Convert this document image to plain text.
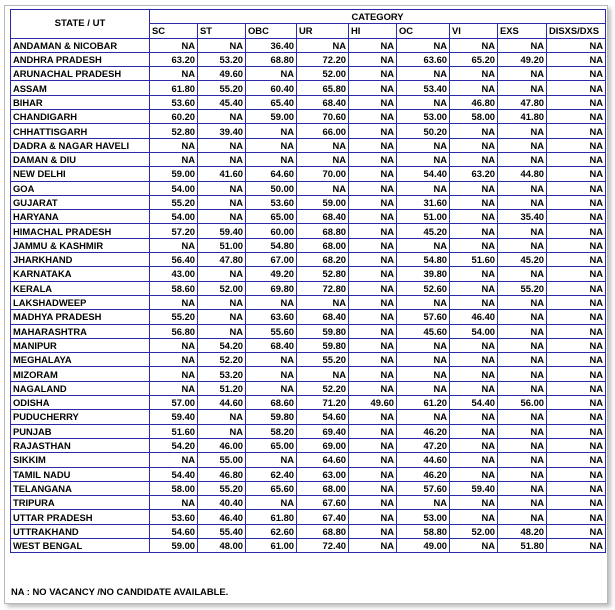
STATE / UT	CATEGORY								
	SC	ST	OBC	UR	HI	OC	VI	EXS	DISXS/DXS
ANDAMAN & NICOBAR	NA	NA	36.40	NA	NA	NA	NA	NA	NA
ANDHRA PRADESH	63.20	53.20	68.80	72.20	NA	63.60	65.20	49.20	NA
ARUNACHAL PRADESH	NA	49.60	NA	52.00	NA	NA	NA	NA	NA
ASSAM	61.80	55.20	60.40	65.80	NA	53.40	NA	NA	NA
BIHAR	53.60	45.40	65.40	68.40	NA	NA	46.80	47.80	NA
CHANDIGARH	60.20	NA	59.00	70.60	NA	53.00	58.00	41.80	NA
CHHATTISGARH	52.80	39.40	NA	66.00	NA	50.20	NA	NA	NA
DADRA & NAGAR HAVELI	NA	NA	NA	NA	NA	NA	NA	NA	NA
DAMAN & DIU	NA	NA	NA	NA	NA	NA	NA	NA	NA
NEW DELHI	59.00	41.60	64.60	70.00	NA	54.40	63.20	44.80	NA
GOA	54.00	NA	50.00	NA	NA	NA	NA	NA	NA
GUJARAT	55.20	NA	53.60	59.00	NA	31.60	NA	NA	NA
HARYANA	54.00	NA	65.00	68.40	NA	51.00	NA	35.40	NA
HIMACHAL PRADESH	57.20	59.40	60.00	68.80	NA	45.20	NA	NA	NA
JAMMU & KASHMIR	NA	51.00	54.80	68.00	NA	NA	NA	NA	NA
JHARKHAND	56.40	47.80	67.00	68.20	NA	54.80	51.60	45.20	NA
KARNATAKA	43.00	NA	49.20	52.80	NA	39.80	NA	NA	NA
KERALA	58.60	52.00	69.80	72.80	NA	52.60	NA	55.20	NA
LAKSHADWEEP	NA	NA	NA	NA	NA	NA	NA	NA	NA
MADHYA PRADESH	55.20	NA	63.60	68.40	NA	57.60	46.40	NA	NA
MAHARASHTRA	56.80	NA	55.60	59.80	NA	45.60	54.00	NA	NA
MANIPUR	NA	54.20	68.40	59.80	NA	NA	NA	NA	NA
MEGHALAYA	NA	52.20	NA	55.20	NA	NA	NA	NA	NA
MIZORAM	NA	53.20	NA	NA	NA	NA	NA	NA	NA
NAGALAND	NA	51.20	NA	52.20	NA	NA	NA	NA	NA
ODISHA	57.00	44.60	68.60	71.20	49.60	61.20	54.40	56.00	NA
PUDUCHERRY	59.40	NA	59.80	54.60	NA	NA	NA	NA	NA
PUNJAB	51.60	NA	58.20	69.40	NA	46.20	NA	NA	NA
RAJASTHAN	54.20	46.00	65.00	69.00	NA	47.20	NA	NA	NA
SIKKIM	NA	55.00	NA	64.60	NA	44.60	NA	NA	NA
TAMIL NADU	54.40	46.80	62.40	63.00	NA	46.20	NA	NA	NA
TELANGANA	58.00	55.20	65.60	68.00	NA	57.60	59.40	NA	NA
TRIPURA	NA	40.40	NA	67.60	NA	NA	NA	NA	NA
UTTAR PRADESH	53.60	46.40	61.80	67.40	NA	53.00	NA	NA	NA
UTTRAKHAND	54.60	55.40	62.60	68.80	NA	58.80	52.00	48.20	NA
WEST BENGAL	59.00	48.00	61.00	72.40	NA	49.00	NA	51.80	NA
NA : NO VACANCY /NO CANDIDATE AVAILABLE.
